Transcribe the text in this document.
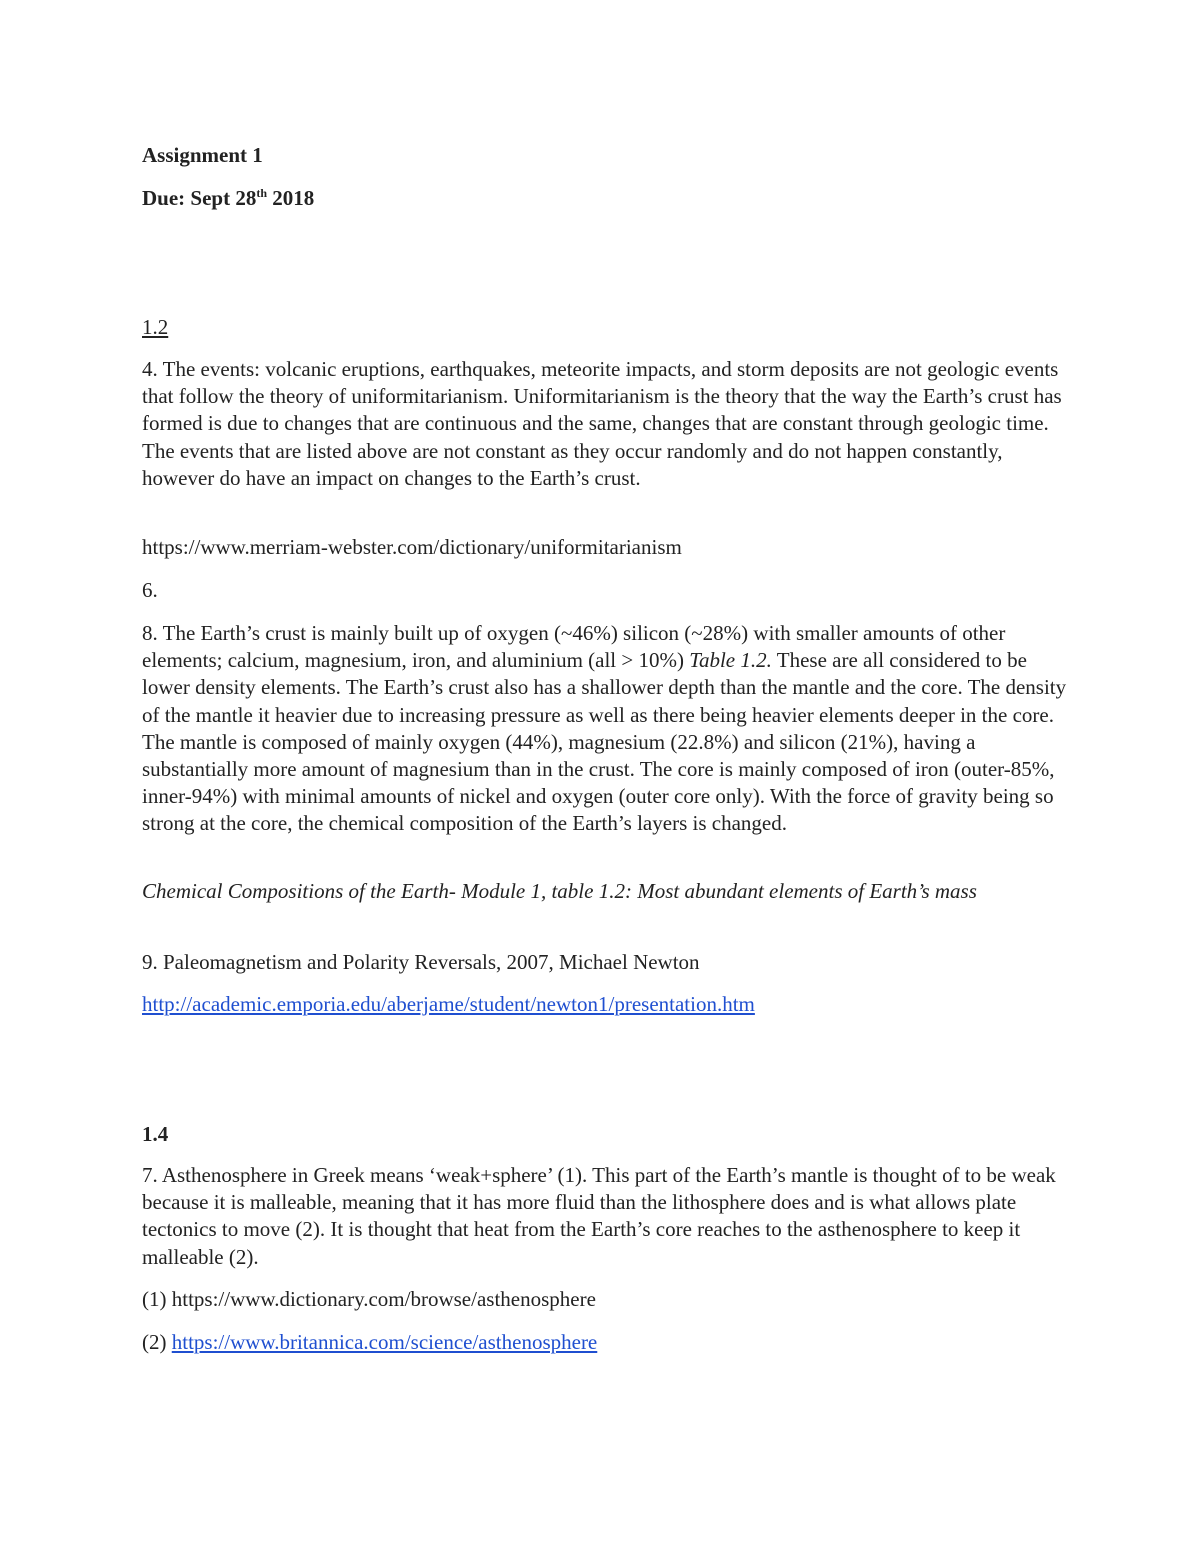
Assignment 1
Due: Sept 28th 2018
1.2

4. The events: volcanic eruptions, earthquakes, meteorite impacts, and storm deposits are not geologic events that follow the theory of uniformitarianism. Uniformitarianism is the theory that the way the Earth’s crust has formed is due to changes that are continuous and the same, changes that are constant through geologic time. The events that are listed above are not constant as they occur randomly and do not happen constantly, however do have an impact on changes to the Earth’s crust.

https://www.merriam-webster.com/dictionary/uniformitarianism

6.

8. The Earth’s crust is mainly built up of oxygen (~46%) silicon (~28%) with smaller amounts of other elements; calcium, magnesium, iron, and aluminium (all > 10%) Table 1.2. These are all considered to be lower density elements. The Earth’s crust also has a shallower depth than the mantle and the core. The density of the mantle it heavier due to increasing pressure as well as there being heavier elements deeper in the core. The mantle is composed of mainly oxygen (44%), magnesium (22.8%) and silicon (21%), having a substantially more amount of magnesium than in the crust. The core is mainly composed of iron (outer-85%, inner-94%) with minimal amounts of nickel and oxygen (outer core only). With the force of gravity being so strong at the core, the chemical composition of the Earth’s layers is changed.

Chemical Compositions of the Earth- Module 1, table 1.2: Most abundant elements of Earth’s mass

9. Paleomagnetism and Polarity Reversals, 2007, Michael Newton

http://academic.emporia.edu/aberjame/student/newton1/presentation.htm

1.4

7. Asthenosphere in Greek means ‘weak+sphere’ (1). This part of the Earth’s mantle is thought of to be weak because it is malleable, meaning that it has more fluid than the lithosphere does and is what allows plate tectonics to move (2). It is thought that heat from the Earth’s core reaches to the asthenosphere to keep it malleable (2).

(1) https://www.dictionary.com/browse/asthenosphere

(2) https://www.britannica.com/science/asthenosphere
